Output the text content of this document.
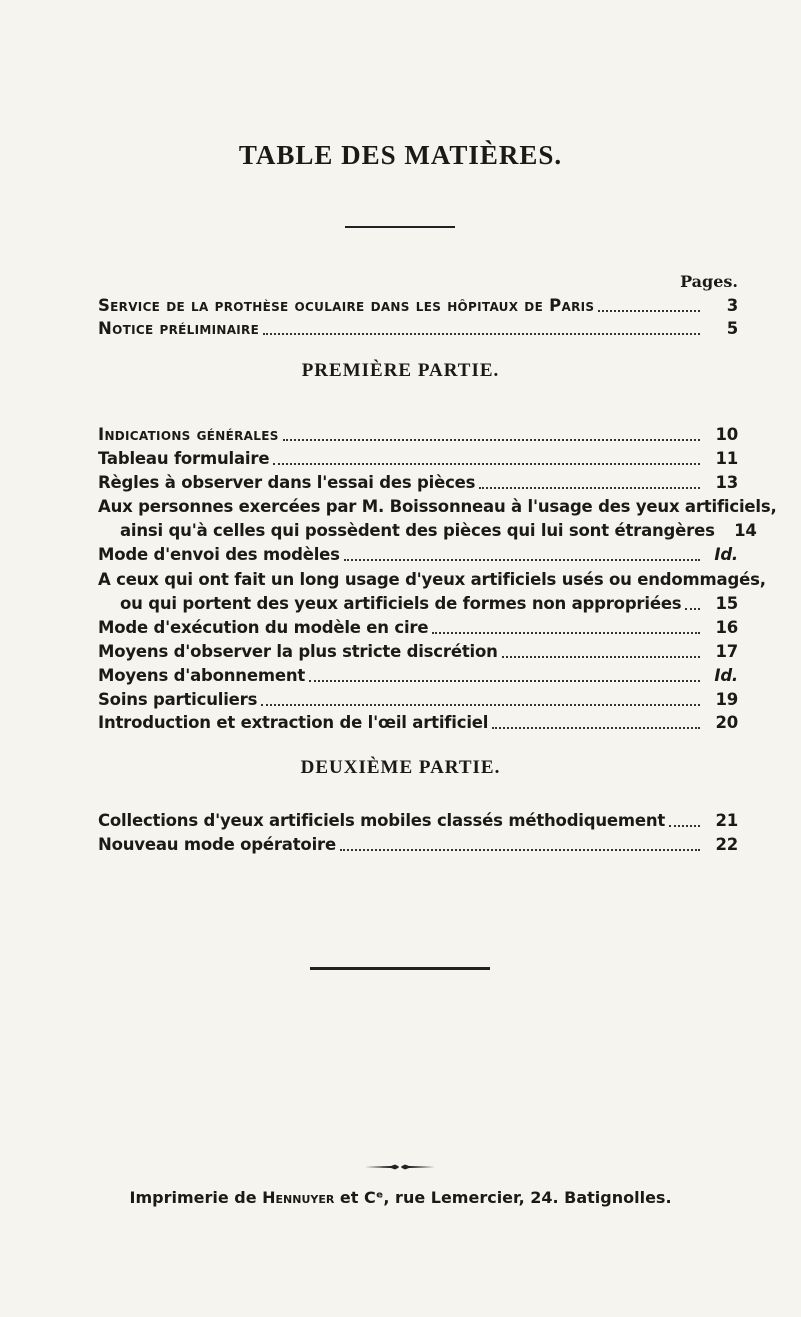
TABLE DES MATIÈRES.
Pages.
Service de la prothèse oculaire dans les hôpitaux de Paris	3
Notice préliminaire	5
PREMIÈRE PARTIE.
Indications générales	10
Tableau formulaire	11
Règles à observer dans l'essai des pièces	13
Aux personnes exercées par M. Boissonneau à l'usage des yeux artificiels,
ainsi qu'à celles qui possèdent des pièces qui lui sont étrangères	14
Mode d'envoi des modèles	Id.
A ceux qui ont fait un long usage d'yeux artificiels usés ou endommagés,
ou qui portent des yeux artificiels de formes non appropriées	15
Mode d'exécution du modèle en cire	16
Moyens d'observer la plus stricte discrétion	17
Moyens d'abonnement	Id.
Soins particuliers	19
Introduction et extraction de l'œil artificiel	20
DEUXIÈME PARTIE.
Collections d'yeux artificiels mobiles classés méthodiquement	21
Nouveau mode opératoire	22
Imprimerie de Hennuyer et Cᵉ, rue Lemercier, 24. Batignolles.
